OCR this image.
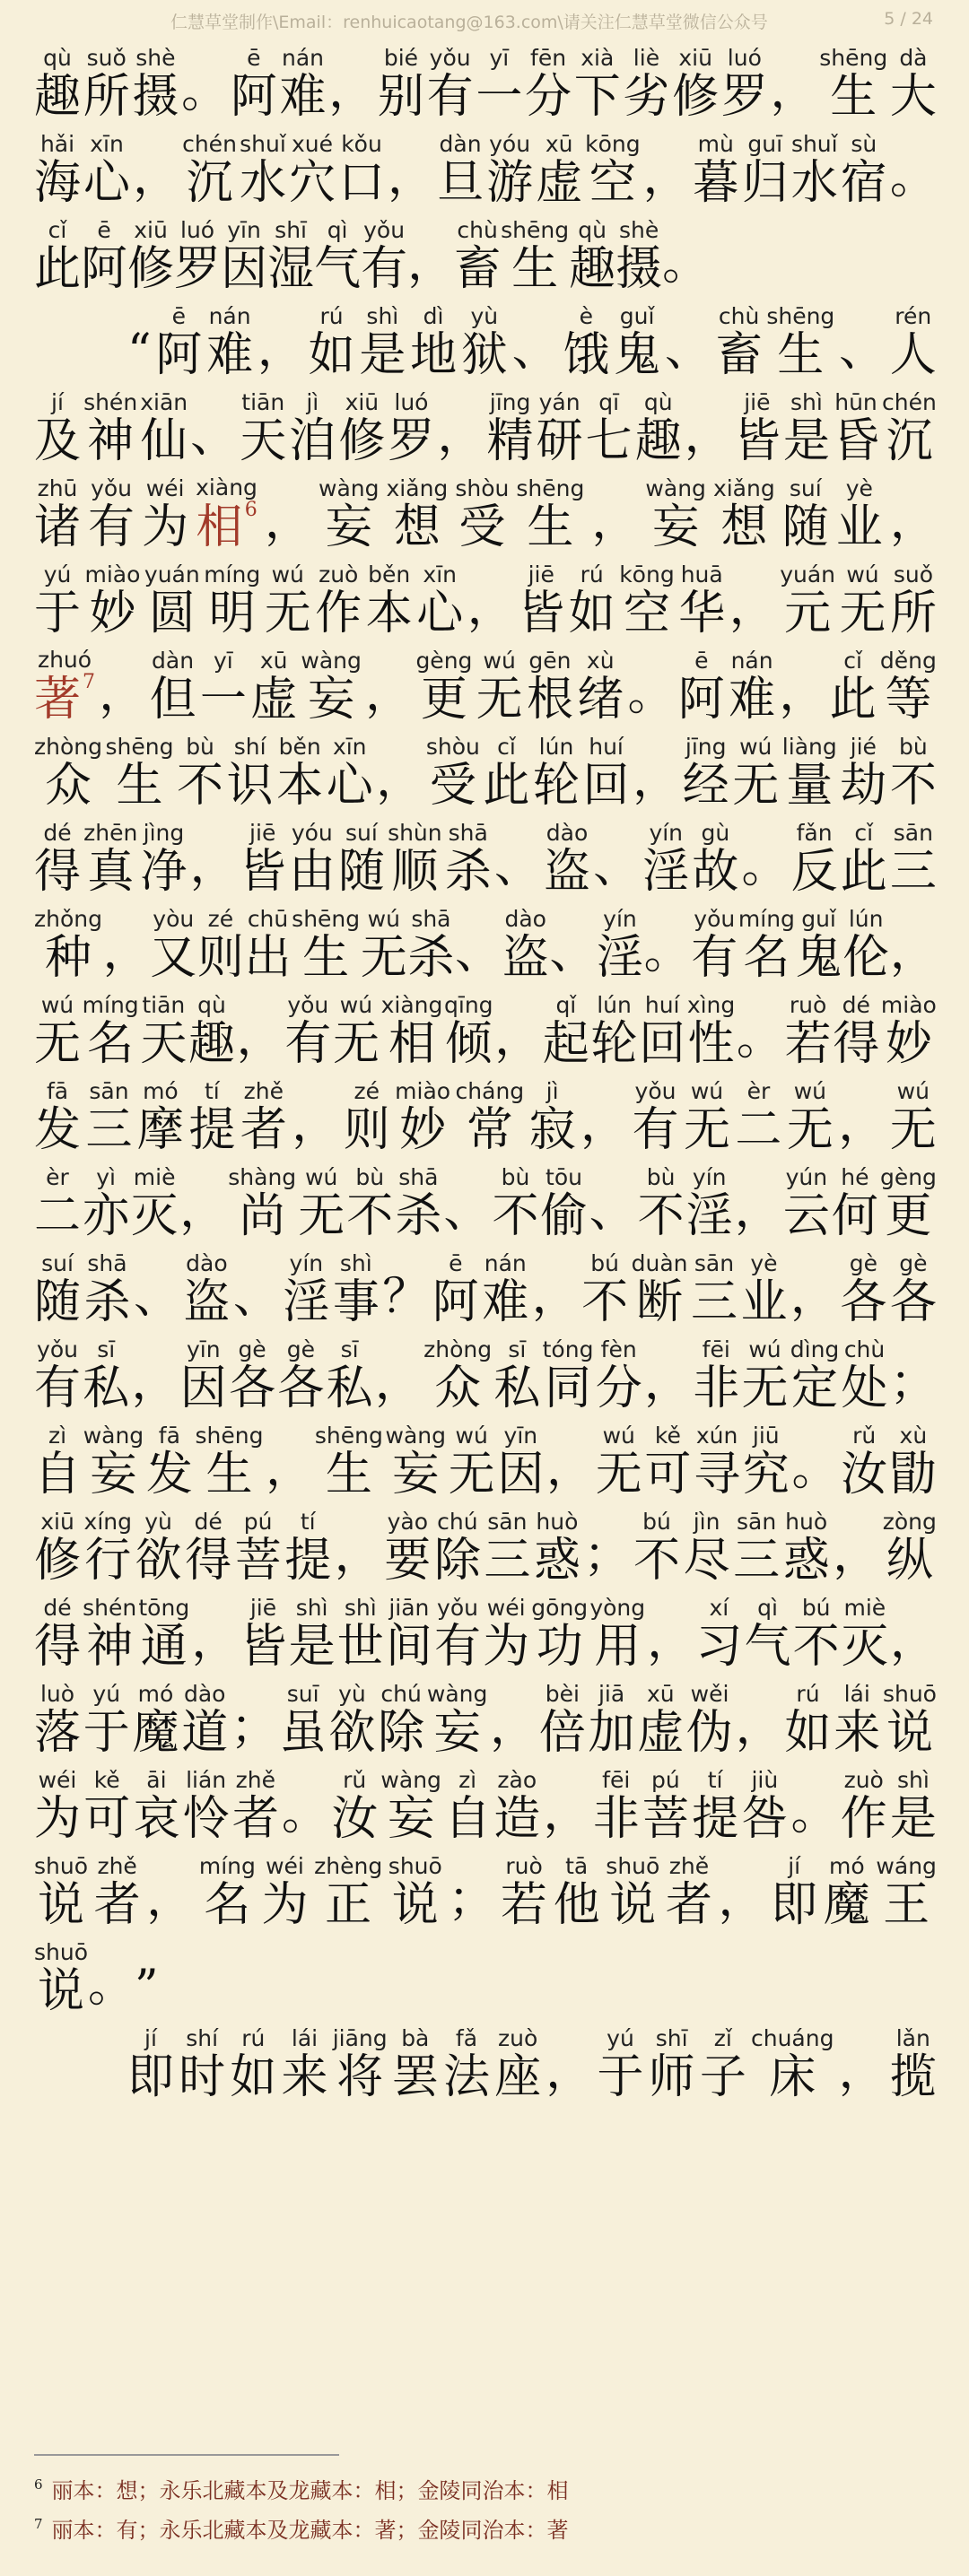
仁慧草堂制作\Email：renhuicaotang@163.com\请关注仁慧草堂微信公众号	5 / 24
趣qù
所suǒ
摄shè
。 阿ē
难nán
， 别bié
有yǒu
一yī
分fēn
下xià
劣liè
修xiū
罗luó
， 生shēng
大dà
海hǎi
心xīn
， 沉chén
水shuǐ
穴xué
口kǒu
， 旦dàn
游yóu
虚xū
空kōng
， 暮mù
归guī
水shuǐ
宿sù
。
此cǐ
阿ē
修xiū
罗luó
因yīn
湿shī
气qì
有yǒu
， 畜chù
生shēng
趣qù
摄shè
。
“ 阿ē
难nán
， 如rú
是shì
地dì
狱yù
、 饿è
鬼guǐ
、 畜chù
生shēng
、 人rén
及jí
神shén
仙xiān
、 天tiān
洎jì
修xiū
罗luó
， 精jīng
研yán
七qī
趣qù
， 皆jiē
是shì
昏hūn
沉chén
诸zhū
有yǒu
为wéi
相$^6$xiàng
， 妄wàng
想xiǎng
受shòu
生shēng
， 妄wàng
想xiǎng
随suí
业yè
，
于yú
妙miào
圆yuán
明míng
无wú
作zuò
本běn
心xīn
， 皆jiē
如rú
空kōng
华huā
， 元yuán
无wú
所suǒ
著$^7$zhuó
， 但dàn
一yī
虚xū
妄wàng
， 更gèng
无wú
根gēn
绪xù
。 阿ē
难nán
， 此cǐ
等děng
众zhòng
生shēng
不bù
识shí
本běn
心xīn
， 受shòu
此cǐ
轮lún
回huí
， 经jīng
无wú
量liàng
劫jié
不bù
得dé
真zhēn
净jìng
， 皆jiē
由yóu
随suí
顺shùn
杀shā
、 盗dào
、 淫yín
故gù
。 反fǎn
此cǐ
三sān
种zhǒng
， 又yòu
则zé
出chū
生shēng
无wú
杀shā
、 盗dào
、 淫yín
。 有yǒu
名míng
鬼guǐ
伦lún
，
无wú
名míng
天tiān
趣qù
， 有yǒu
无wú
相xiàng
倾qīng
， 起qǐ
轮lún
回huí
性xìng
。 若ruò
得dé
妙miào
发fā
三sān
摩mó
提tí
者zhě
， 则zé
妙miào
常cháng
寂jì
， 有yǒu
无wú
二èr
无wú
， 无wú
二èr
亦yì
灭miè
， 尚shàng
无wú
不bù
杀shā
、 不bù
偷tōu
、 不bù
淫yín
， 云yún
何hé
更gèng
随suí
杀shā
、 盗dào
、 淫yín
事shì
？ 阿ē
难nán
， 不bú
断duàn
三sān
业yè
， 各gè
各gè
有yǒu
私sī
， 因yīn
各gè
各gè
私sī
， 众zhòng
私sī
同tóng
分fèn
， 非fēi
无wú
定dìng
处chù
；
自zì
妄wàng
发fā
生shēng
， 生shēng
妄wàng
无wú
因yīn
， 无wú
可kě
寻xún
究jiū
。 汝rǔ
勖xù
修xiū
行xíng
欲yù
得dé
菩pú
提tí
， 要yào
除chú
三sān
惑huò
； 不bú
尽jìn
三sān
惑huò
， 纵zòng
得dé
神shén
通tōng
， 皆jiē
是shì
世shì
间jiān
有yǒu
为wéi
功gōng
用yòng
， 习xí
气qì
不bú
灭miè
，
落luò
于yú
魔mó
道dào
； 虽suī
欲yù
除chú
妄wàng
， 倍bèi
加jiā
虚xū
伪wěi
， 如rú
来lái
说shuō
为wéi
可kě
哀āi
怜lián
者zhě
。 汝rǔ
妄wàng
自zì
造zào
， 非fēi
菩pú
提tí
咎jiù
。 作zuò
是shì
说shuō
者zhě
， 名míng
为wéi
正zhèng
说shuō
； 若ruò
他tā
说shuō
者zhě
， 即jí
魔mó
王wáng
说shuō
。 ”
即jí
时shí
如rú
来lái
将jiāng
罢bà
法fǎ
座zuò
， 于yú
师shī
子zǐ
床chuáng
， 揽lǎn
$^6$ 丽本：想；永乐北藏本及龙藏本：相；金陵同治本：相
$^7$ 丽本：有；永乐北藏本及龙藏本：著；金陵同治本：著
